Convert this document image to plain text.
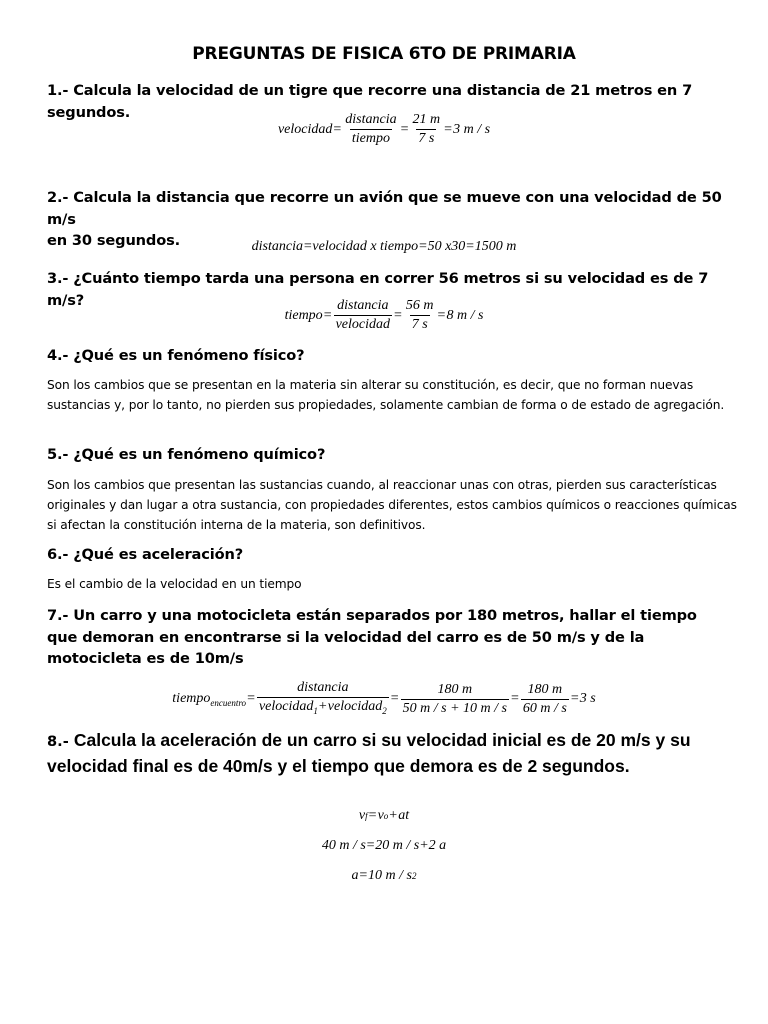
PREGUNTAS DE FISICA 6TO DE PRIMARIA
1.- Calcula la velocidad de un tigre que recorre una distancia de 21 metros en 7 segundos.
velocidad = $\frac{\text{distancia}}{\text{tiempo}} = \frac{21 m}{7 s} = 3$ m / s
2.- Calcula la distancia que recorre un avión que se mueve con una velocidad de 50 m/s
en 30 segundos.	distancia=velocidad x tiempo=50 x30=1500 m
3.- ¿Cuánto tiempo tarda una persona en correr 56 metros si su velocidad es de 7 m/s?
tiempo = $\frac{\text{distancia}}{\text{velocidad}} = \frac{56 m}{7 s} = 8$ m / s
4.- ¿Qué es un fenómeno físico?
Son los cambios que se presentan en la materia sin alterar su constitución, es decir, que no forman nuevas sustancias y, por lo tanto, no pierden sus propiedades, solamente cambian de forma o de estado de agregación.
5.- ¿Qué es un fenómeno químico?
Son los cambios que presentan las sustancias cuando, al reaccionar unas con otras, pierden sus características originales y dan lugar a otra sustancia, con propiedades diferentes, estos cambios químicos o reacciones químicas si afectan la constitución interna de la materia, son definitivos.
6.- ¿Qué es aceleración?
Es el cambio de la velocidad en un tiempo
7.- Un carro y una motocicleta están separados por 180 metros, hallar el tiempo que demoran en encontrarse si la velocidad del carro es de 50 m/s y de la motocicleta es de 10m/s
tiempo$_{encuentro}$ = $\frac{\text{distancia}}{velocidad_1+velocidad_2} = \frac{180 m}{50 m / s + 10 m / s} = \frac{180 m}{60 m / s} = 3$ s
8.- Calcula la aceleración de un carro si su velocidad inicial es de 20 m/s y su velocidad final es de 40m/s y el tiempo que demora es de 2 segundos.
v f = v o + at
40 m / s=20 m / s+2 a
a=10 m / s 2
